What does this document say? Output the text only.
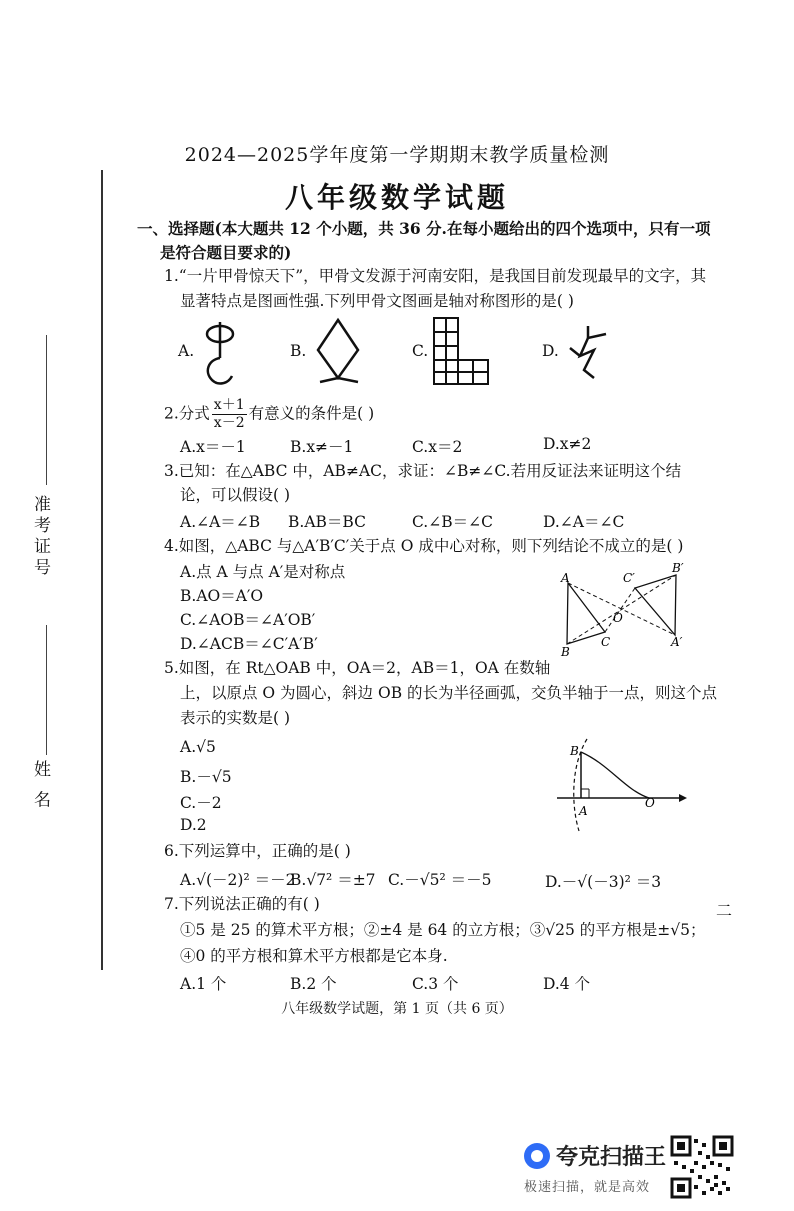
2024—2025学年度第一学期期末教学质量检测
八年级数学试题
准考证号
姓 名
二
一、选择题(本大题共 12 个小题，共 36 分.在每小题给出的四个选项中，只有一项
是符合题目要求的)
1.“一片甲骨惊天下”，甲骨文发源于河南安阳，是我国目前发现最早的文字，其
显著特点是图画性强.下列甲骨文图画是轴对称图形的是( )
A.	B.	C.	D.
2.分式 $\frac{x+1}{x-2}$ 有意义的条件是( )
A.x＝－1	B.x≠－1	C.x＝2	D.x≠2
3.已知：在△ABC 中，AB≠AC，求证：∠B≠∠C.若用反证法来证明这个结
论，可以假设( )
A.∠A＝∠B B.AB＝BC	C.∠B＝∠C	D.∠A＝∠C
4.如图，△ABC 与△A′B′C′关于点 O 成中心对称，则下列结论不成立的是( )
A.点 A 与点 A′是对称点
B.AO＝A′O
C.∠AOB＝∠A′OB′
D.∠ACB＝∠C′A′B′
A
B
C	A′
B′
C′
O
5.如图，在 Rt△OAB 中，OA＝2，AB＝1，OA 在数轴
上，以原点 O 为圆心，斜边 OB 的长为半径画弧，交负半轴于一点，则这个点
表示的实数是( )
A.√5
B.－√5
C.－2
D.2
B
A
O
6.下列运算中，正确的是( )
A.√(－2)² ＝－2
B.√7² ＝±7 C.－√5² ＝－5	D.－√(－3)² ＝3
7.下列说法正确的有( )
①5 是 25 的算术平方根；②±4 是 64 的立方根；③√25 的平方根是±√5；
④0 的平方根和算术平方根都是它本身.
A.1 个	B.2 个	C.3 个	D.4 个
八年级数学试题，第 1 页（共 6 页）
夸克扫描王
极速扫描，就是高效
